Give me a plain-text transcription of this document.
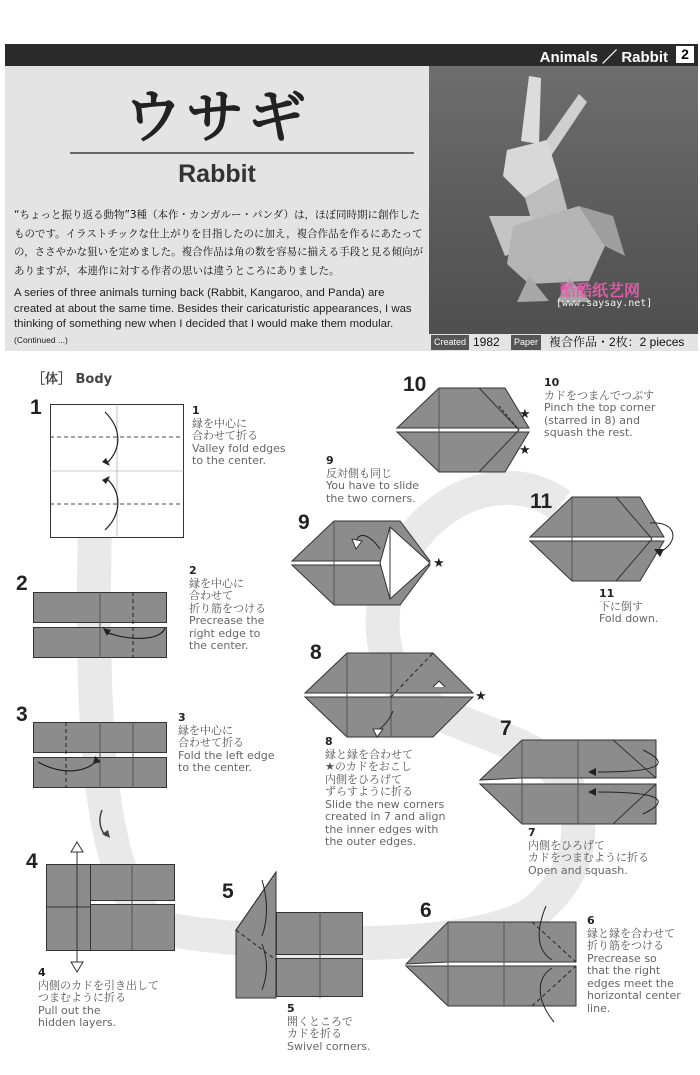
Animals ／ Rabbit 2
ウサギ
Rabbit
“ちょっと振り返る動物”3種（本作・カンガルー・パンダ）は，ほぼ同時期に創作したものです。イラストチックな仕上がりを目指したのに加え，複合作品を作るにあたっての，ささやかな狙いを定めました。複合作品は角の数を容易に揃える手段と見る傾向がありますが，本連作に対する作者の思いは違うところにありました。
A series of three animals turning back (Rabbit, Kangaroo, and Panda) are created at about the same time. Besides their caricaturistic appearances, I was thinking of something new when I decided that I would make them modular. (Continued ...)
酷酷纸艺网
[www.saysay.net]
Created 1982	Paper 複合作品・2枚：2 pieces
［体］ Body
1	1
縁を中心に
合わせて折る
Valley fold edges
to the center.
2
2
縁を中心に
合わせて
折り筋をつける
Precrease the
right edge to
the center.
3	3
縁を中心に
合わせて折る
Fold the left edge
to the center.
4
4
内側のカドを引き出して
つまむように折る
Pull out the
hidden layers.
5
5
開くところで
カドを折る
Swivel corners.
6	6
縁と縁を合わせて
折り筋をつける
Precrease so
that the right
edges meet the
horizontal center
line.
7
7
内側をひろげて
カドをつまむように折る
Open and squash.
8
★
8
縁と縁を合わせて
★のカドをおこし
内側をひろげて
ずらすように折る
Slide the new corners
created in 7 and align
the inner edges with
the outer edges.
9
★
9
反対側も同じ
You have to slide
the two corners.
10
★
★
10
カドをつまんでつぶす
Pinch the top corner
(starred in 8) and
squash the rest.
11
11
下に倒す
Fold down.
